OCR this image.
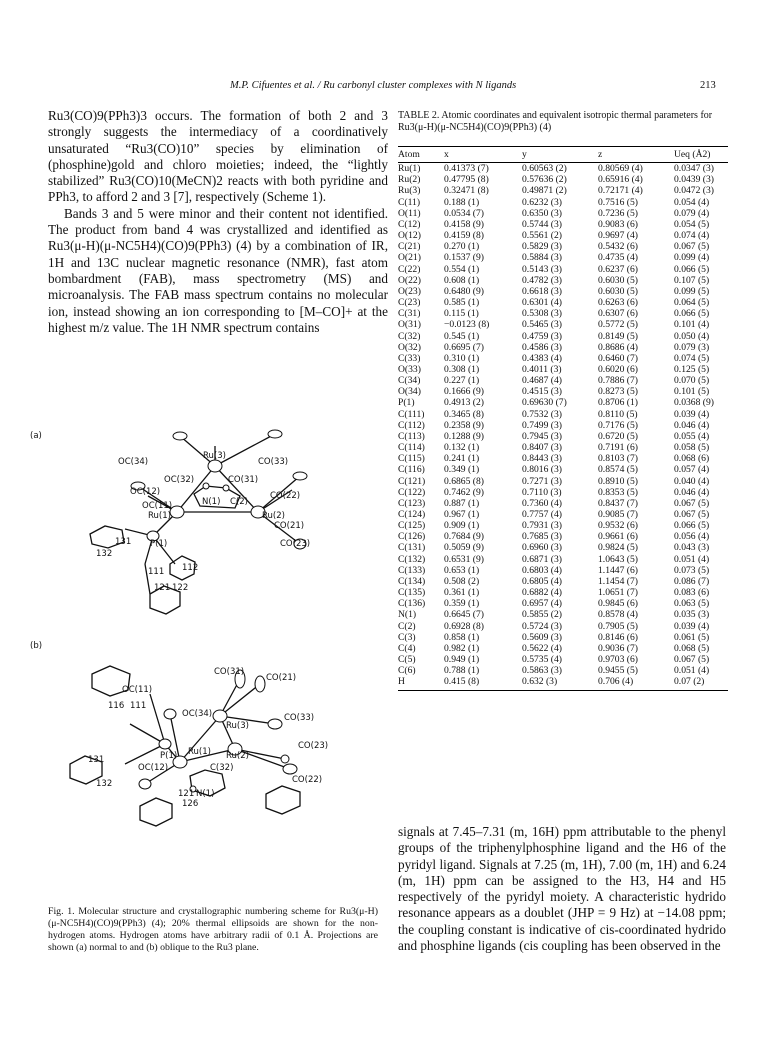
M.P. Cifuentes et al. / Ru carbonyl cluster complexes with N ligands	213

Ru3(CO)9(PPh3)3 occurs. The formation of both 2 and 3 strongly suggests the intermediacy of a coordinatively unsaturated “Ru3(CO)10” species by elimination of (phosphine)gold and chloro moieties; indeed, the “lightly stabilized” Ru3(CO)10(MeCN)2 reacts with both pyridine and PPh3, to afford 2 and 3 [7], respectively (Scheme 1).

Bands 3 and 5 were minor and their content not identified. The product from band 4 was crystallized and identified as Ru3(μ-H)(μ-NC5H4)(CO)9(PPh3) (4) by a combination of IR, 1H and 13C nuclear magnetic resonance (NMR), fast atom bombardment (FAB), mass spectrometry (MS) and microanalysis. The FAB mass spectrum contains no molecular ion, instead showing an ion corresponding to [M–CO]+ at the highest m/z value. The 1H NMR spectrum contains

TABLE 2. Atomic coordinates and equivalent isotropic thermal parameters for Ru3(μ-H)(μ-NC5H4)(CO)9(PPh3) (4)
Atom	x	y	z	Ueq (Å2)
Ru(1)	0.41373 (7)	0.60563 (2)	0.80569 (4)	0.0347 (3)
Ru(2)	0.47795 (8)	0.57636 (2)	0.65916 (4)	0.0439 (3)
Ru(3)	0.32471 (8)	0.49871 (2)	0.72171 (4)	0.0472 (3)
C(11)	0.188 (1)	0.6232 (3)	0.7516 (5)	0.054 (4)
O(11)	0.0534 (7)	0.6350 (3)	0.7236 (5)	0.079 (4)
C(12)	0.4158 (9)	0.5744 (3)	0.9083 (6)	0.054 (5)
O(12)	0.4159 (8)	0.5561 (2)	0.9697 (4)	0.074 (4)
C(21)	0.270 (1)	0.5829 (3)	0.5432 (6)	0.067 (5)
O(21)	0.1537 (9)	0.5884 (3)	0.4735 (4)	0.099 (4)
C(22)	0.554 (1)	0.5143 (3)	0.6237 (6)	0.066 (5)
O(22)	0.608 (1)	0.4782 (3)	0.6030 (5)	0.107 (5)
O(23)	0.6480 (9)	0.6618 (3)	0.6030 (5)	0.099 (5)
C(23)	0.585 (1)	0.6301 (4)	0.6263 (6)	0.064 (5)
C(31)	0.115 (1)	0.5308 (3)	0.6307 (6)	0.066 (5)
O(31)	−0.0123 (8)	0.5465 (3)	0.5772 (5)	0.101 (4)
C(32)	0.545 (1)	0.4759 (3)	0.8149 (5)	0.050 (4)
O(32)	0.6695 (7)	0.4586 (3)	0.8686 (4)	0.079 (3)
C(33)	0.310 (1)	0.4383 (4)	0.6460 (7)	0.074 (5)
O(33)	0.308 (1)	0.4011 (3)	0.6020 (6)	0.125 (5)
C(34)	0.227 (1)	0.4687 (4)	0.7886 (7)	0.070 (5)
O(34)	0.1666 (9)	0.4515 (3)	0.8273 (5)	0.101 (5)
P(1)	0.4913 (2)	0.69630 (7)	0.8706 (1)	0.0368 (9)
C(111)	0.3465 (8)	0.7532 (3)	0.8110 (5)	0.039 (4)
C(112)	0.2358 (9)	0.7499 (3)	0.7176 (5)	0.046 (4)
C(113)	0.1288 (9)	0.7945 (3)	0.6720 (5)	0.055 (4)
C(114)	0.132 (1)	0.8407 (3)	0.7191 (6)	0.058 (5)
C(115)	0.241 (1)	0.8443 (3)	0.8103 (7)	0.068 (6)
C(116)	0.349 (1)	0.8016 (3)	0.8574 (5)	0.057 (4)
C(121)	0.6865 (8)	0.7271 (3)	0.8910 (5)	0.040 (4)
C(122)	0.7462 (9)	0.7110 (3)	0.8353 (5)	0.046 (4)
C(123)	0.887 (1)	0.7360 (4)	0.8437 (7)	0.067 (5)
C(124)	0.967 (1)	0.7757 (4)	0.9085 (7)	0.067 (5)
C(125)	0.909 (1)	0.7931 (3)	0.9532 (6)	0.066 (5)
C(126)	0.7684 (9)	0.7685 (3)	0.9661 (6)	0.056 (4)
C(131)	0.5059 (9)	0.6960 (3)	0.9824 (5)	0.043 (3)
C(132)	0.6531 (9)	0.6871 (3)	1.0643 (5)	0.051 (4)
C(133)	0.653 (1)	0.6803 (4)	1.1447 (6)	0.073 (5)
C(134)	0.508 (2)	0.6805 (4)	1.1454 (7)	0.086 (7)
C(135)	0.361 (1)	0.6882 (4)	1.0651 (7)	0.083 (6)
C(136)	0.359 (1)	0.6957 (4)	0.9845 (6)	0.063 (5)
N(1)	0.6645 (7)	0.5855 (2)	0.8578 (4)	0.035 (3)
C(2)	0.6928 (8)	0.5724 (3)	0.7905 (5)	0.039 (4)
C(3)	0.858 (1)	0.5609 (3)	0.8146 (6)	0.061 (5)
C(4)	0.982 (1)	0.5622 (4)	0.9036 (7)	0.068 (5)
C(5)	0.949 (1)	0.5735 (4)	0.9703 (6)	0.067 (5)
C(6)	0.788 (1)	0.5863 (3)	0.9455 (5)	0.051 (4)
H	0.415 (8)	0.632 (3)	0.706 (4)	0.07 (2)
(a)
OC(34)
Ru(3)
CO(33)
OC(32)	CO(31)
OC(12)	CO(22)
OC(11)	N(1) C(2)
Ru(1)	Ru(2)
CO(21)
131 P(1)	CO(23)
132
111 112
121 122
(b)
CO(31)
CO(21)
OC(11)
116 111
OC(34)	CO(33)
Ru(3)
P(1) Ru(1) Ru(2)
CO(23)
131
OC(12)	C(32)
CO(22)
132
121 N(1)
126

Fig. 1. Molecular structure and crystallographic numbering scheme for Ru3(μ-H)(μ-NC5H4)(CO)9(PPh3) (4); 20% thermal ellipsoids are shown for the non-hydrogen atoms. Hydrogen atoms have arbitrary radii of 0.1 Å. Projections are shown (a) normal to and (b) oblique to the Ru3 plane.

signals at 7.45–7.31 (m, 16H) ppm attributable to the phenyl groups of the triphenylphosphine ligand and the H6 of the pyridyl ligand. Signals at 7.25 (m, 1H), 7.00 (m, 1H) and 6.24 (m, 1H) ppm can be assigned to the H3, H4 and H5 respectively of the pyridyl moiety. A characteristic hydrido resonance appears as a doublet (JHP = 9 Hz) at −14.08 ppm; the coupling constant is indicative of cis-coordinated hydrido and phosphine ligands (cis coupling has been observed in the
